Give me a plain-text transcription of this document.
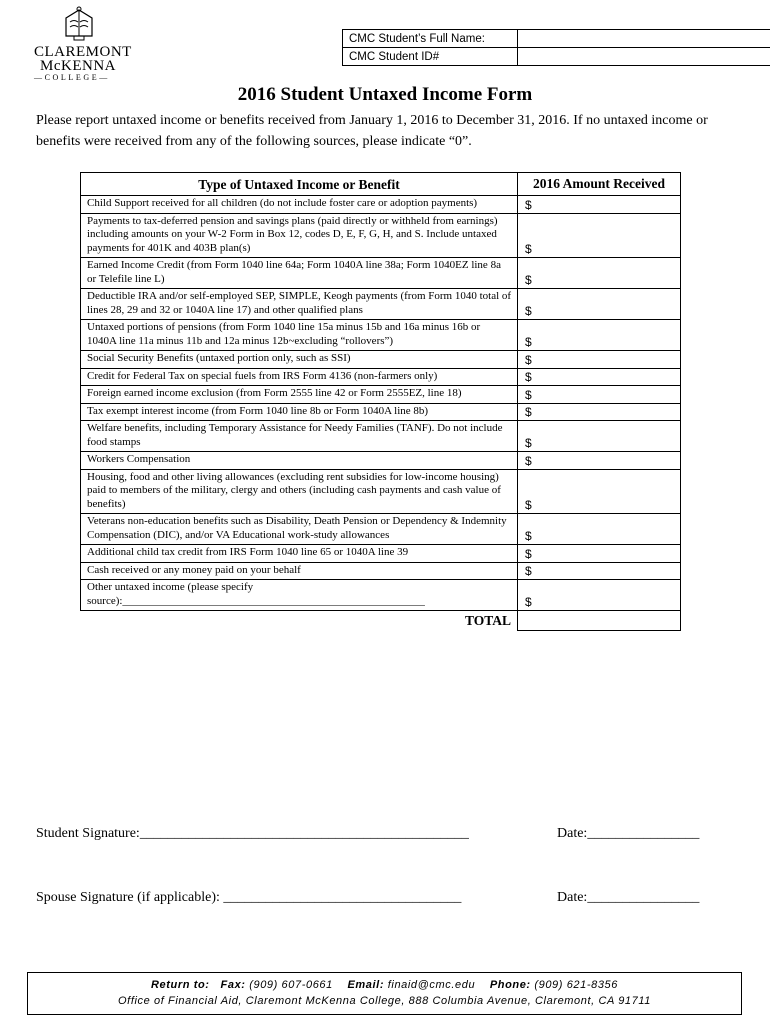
CLAREMONT
McKENNA
—COLLEGE—
CMC Student’s Full Name:	
CMC Student ID#	
2016 Student Untaxed Income Form
Please report untaxed income or benefits received from January 1, 2016 to December 31, 2016. If no untaxed income or benefits were received from any of the following sources, please indicate “0”.
Type of Untaxed Income or Benefit	2016 Amount Received
Child Support received for all children (do not include foster care or adoption payments)	$
Payments to tax-deferred pension and savings plans (paid directly or withheld from earnings) including amounts on your W-2 Form in Box 12, codes D, E, F, G, H, and S. Include untaxed payments for 401K and 403B plan(s)	$
Earned Income Credit (from Form 1040 line 64a; Form 1040A line 38a; Form 1040EZ line 8a or Telefile line L)	$
Deductible IRA and/or self-employed SEP, SIMPLE, Keogh payments (from Form 1040 total of lines 28, 29 and 32 or 1040A line 17) and other qualified plans	$
Untaxed portions of pensions (from Form 1040 line 15a minus 15b and 16a minus 16b or 1040A line 11a minus 11b and 12a minus 12b~excluding “rollovers”)	$
Social Security Benefits (untaxed portion only, such as SSI)	$
Credit for Federal Tax on special fuels from IRS Form 4136 (non-farmers only)	$
Foreign earned income exclusion (from Form 2555 line 42 or Form 2555EZ, line 18)	$
Tax exempt interest income (from Form 1040 line 8b or Form 1040A line 8b)	$
Welfare benefits, including Temporary Assistance for Needy Families (TANF). Do not include food stamps	$
Workers Compensation	$
Housing, food and other living allowances (excluding rent subsidies for low-income housing) paid to members of the military, clergy and others (including cash payments and cash value of benefits)	$
Veterans non-education benefits such as Disability, Death Pension or Dependency & Indemnity Compensation (DIC), and/or VA Educational work-study allowances	$
Additional child tax credit from IRS Form 1040 line 65 or 1040A line 39	$
Cash received or any money paid on your behalf	$
Other untaxed income (please specify source):_______________________________________________________	$
TOTAL	
Student Signature:_______________________________________________	Date:________________
Spouse Signature (if applicable): __________________________________	Date:________________
Return to: Fax: (909) 607-0661 Email: finaid@cmc.edu Phone: (909) 621-8356
Office of Financial Aid, Claremont McKenna College, 888 Columbia Avenue, Claremont, CA 91711
